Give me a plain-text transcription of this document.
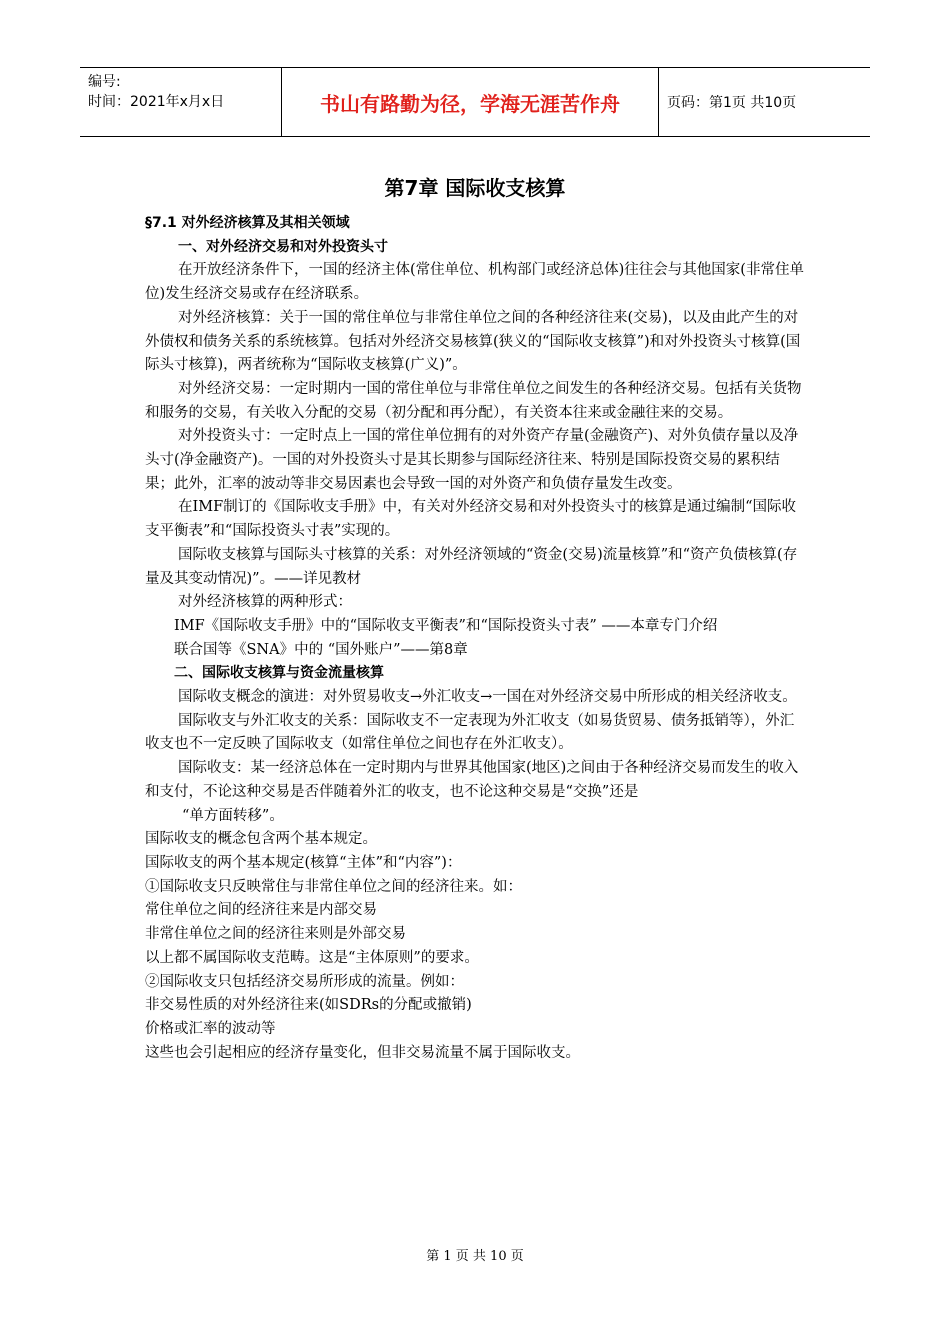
编号:
时间：2021年x月x日	书山有路勤为径，学海无涯苦作舟	页码：第1页 共10页
第7章 国际收支核算

§7.1 对外经济核算及其相关领域

一、对外经济交易和对外投资头寸

在开放经济条件下，一国的经济主体(常住单位、机构部门或经济总体)往往会与其他国家(非常住单位)发生经济交易或存在经济联系。

对外经济核算：关于一国的常住单位与非常住单位之间的各种经济往来(交易)，以及由此产生的对外债权和债务关系的系统核算。包括对外经济交易核算(狭义的“国际收支核算”)和对外投资头寸核算(国际头寸核算)，两者统称为“国际收支核算(广义)”。

对外经济交易：一定时期内一国的常住单位与非常住单位之间发生的各种经济交易。包括有关货物和服务的交易，有关收入分配的交易（初分配和再分配），有关资本往来或金融往来的交易。

对外投资头寸：一定时点上一国的常住单位拥有的对外资产存量(金融资产)、对外负债存量以及净头寸(净金融资产)。一国的对外投资头寸是其长期参与国际经济往来、特别是国际投资交易的累积结果；此外，汇率的波动等非交易因素也会导致一国的对外资产和负债存量发生改变。

在IMF制订的《国际收支手册》中，有关对外经济交易和对外投资头寸的核算是通过编制“国际收支平衡表”和“国际投资头寸表”实现的。

国际收支核算与国际头寸核算的关系：对外经济领域的“资金(交易)流量核算”和“资产负债核算(存量及其变动情况)”。——详见教材

对外经济核算的两种形式：

IMF《国际收支手册》中的“国际收支平衡表”和“国际投资头寸表” ——本章专门介绍

联合国等《SNA》中的 “国外账户”——第8章

二、国际收支核算与资金流量核算

国际收支概念的演进：对外贸易收支→外汇收支→一国在对外经济交易中所形成的相关经济收支。

国际收支与外汇收支的关系：国际收支不一定表现为外汇收支（如易货贸易、债务抵销等），外汇收支也不一定反映了国际收支（如常住单位之间也存在外汇收支）。

国际收支：某一经济总体在一定时期内与世界其他国家(地区)之间由于各种经济交易而发生的收入和支付，不论这种交易是否伴随着外汇的收支，也不论这种交易是“交换”还是

“单方面转移”。

国际收支的概念包含两个基本规定。

国际收支的两个基本规定(核算“主体”和“内容”)：

①国际收支只反映常住与非常住单位之间的经济往来。如：

常住单位之间的经济往来是内部交易

非常住单位之间的经济往来则是外部交易

以上都不属国际收支范畴。这是“主体原则”的要求。

②国际收支只包括经济交易所形成的流量。例如：

非交易性质的对外经济往来(如SDRs的分配或撤销)

价格或汇率的波动等

这些也会引起相应的经济存量变化，但非交易流量不属于国际收支。

第 1 页 共 10 页
